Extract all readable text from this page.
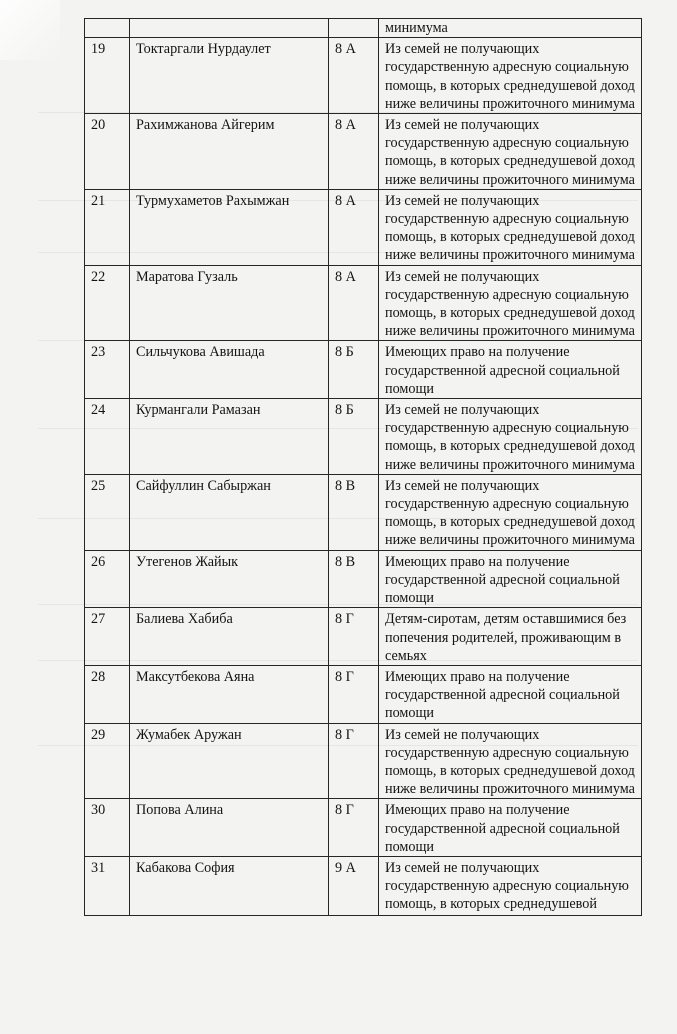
			минимума
19	Токтаргали Нурдаулет	8 А	Из семей не получающих государственную адресную социальную помощь, в которых среднедушевой доход ниже величины прожиточного минимума
20	Рахимжанова Айгерим	8 А	Из семей не получающих государственную адресную социальную помощь, в которых среднедушевой доход ниже величины прожиточного минимума
21	Турмухаметов Рахымжан	8 А	Из семей не получающих государственную адресную социальную помощь, в которых среднедушевой доход ниже величины прожиточного минимума
22	Маратова Гузаль	8 А	Из семей не получающих государственную адресную социальную помощь, в которых среднедушевой доход ниже величины прожиточного минимума
23	Сильчукова Авишада	8 Б	Имеющих право на получение государственной адресной социальной помощи
24	Курмангали Рамазан	8 Б	Из семей не получающих государственную адресную социальную помощь, в которых среднедушевой доход ниже величины прожиточного минимума
25	Сайфуллин Сабыржан	8 В	Из семей не получающих государственную адресную социальную помощь, в которых среднедушевой доход ниже величины прожиточного минимума
26	Утегенов Жайык	8 В	Имеющих право на получение государственной адресной социальной помощи
27	Балиева Хабиба	8 Г	Детям-сиротам, детям оставшимися без попечения родителей, проживающим в семьях
28	Максутбекова Аяна	8 Г	Имеющих право на получение государственной адресной социальной помощи
29	Жумабек Аружан	8 Г	Из семей не получающих государственную адресную социальную помощь, в которых среднедушевой доход ниже величины прожиточного минимума
30	Попова Алина	8 Г	Имеющих право на получение государственной адресной социальной помощи
31	Кабакова София	9 А	Из семей не получающих государственную адресную социальную помощь, в которых среднедушевой
